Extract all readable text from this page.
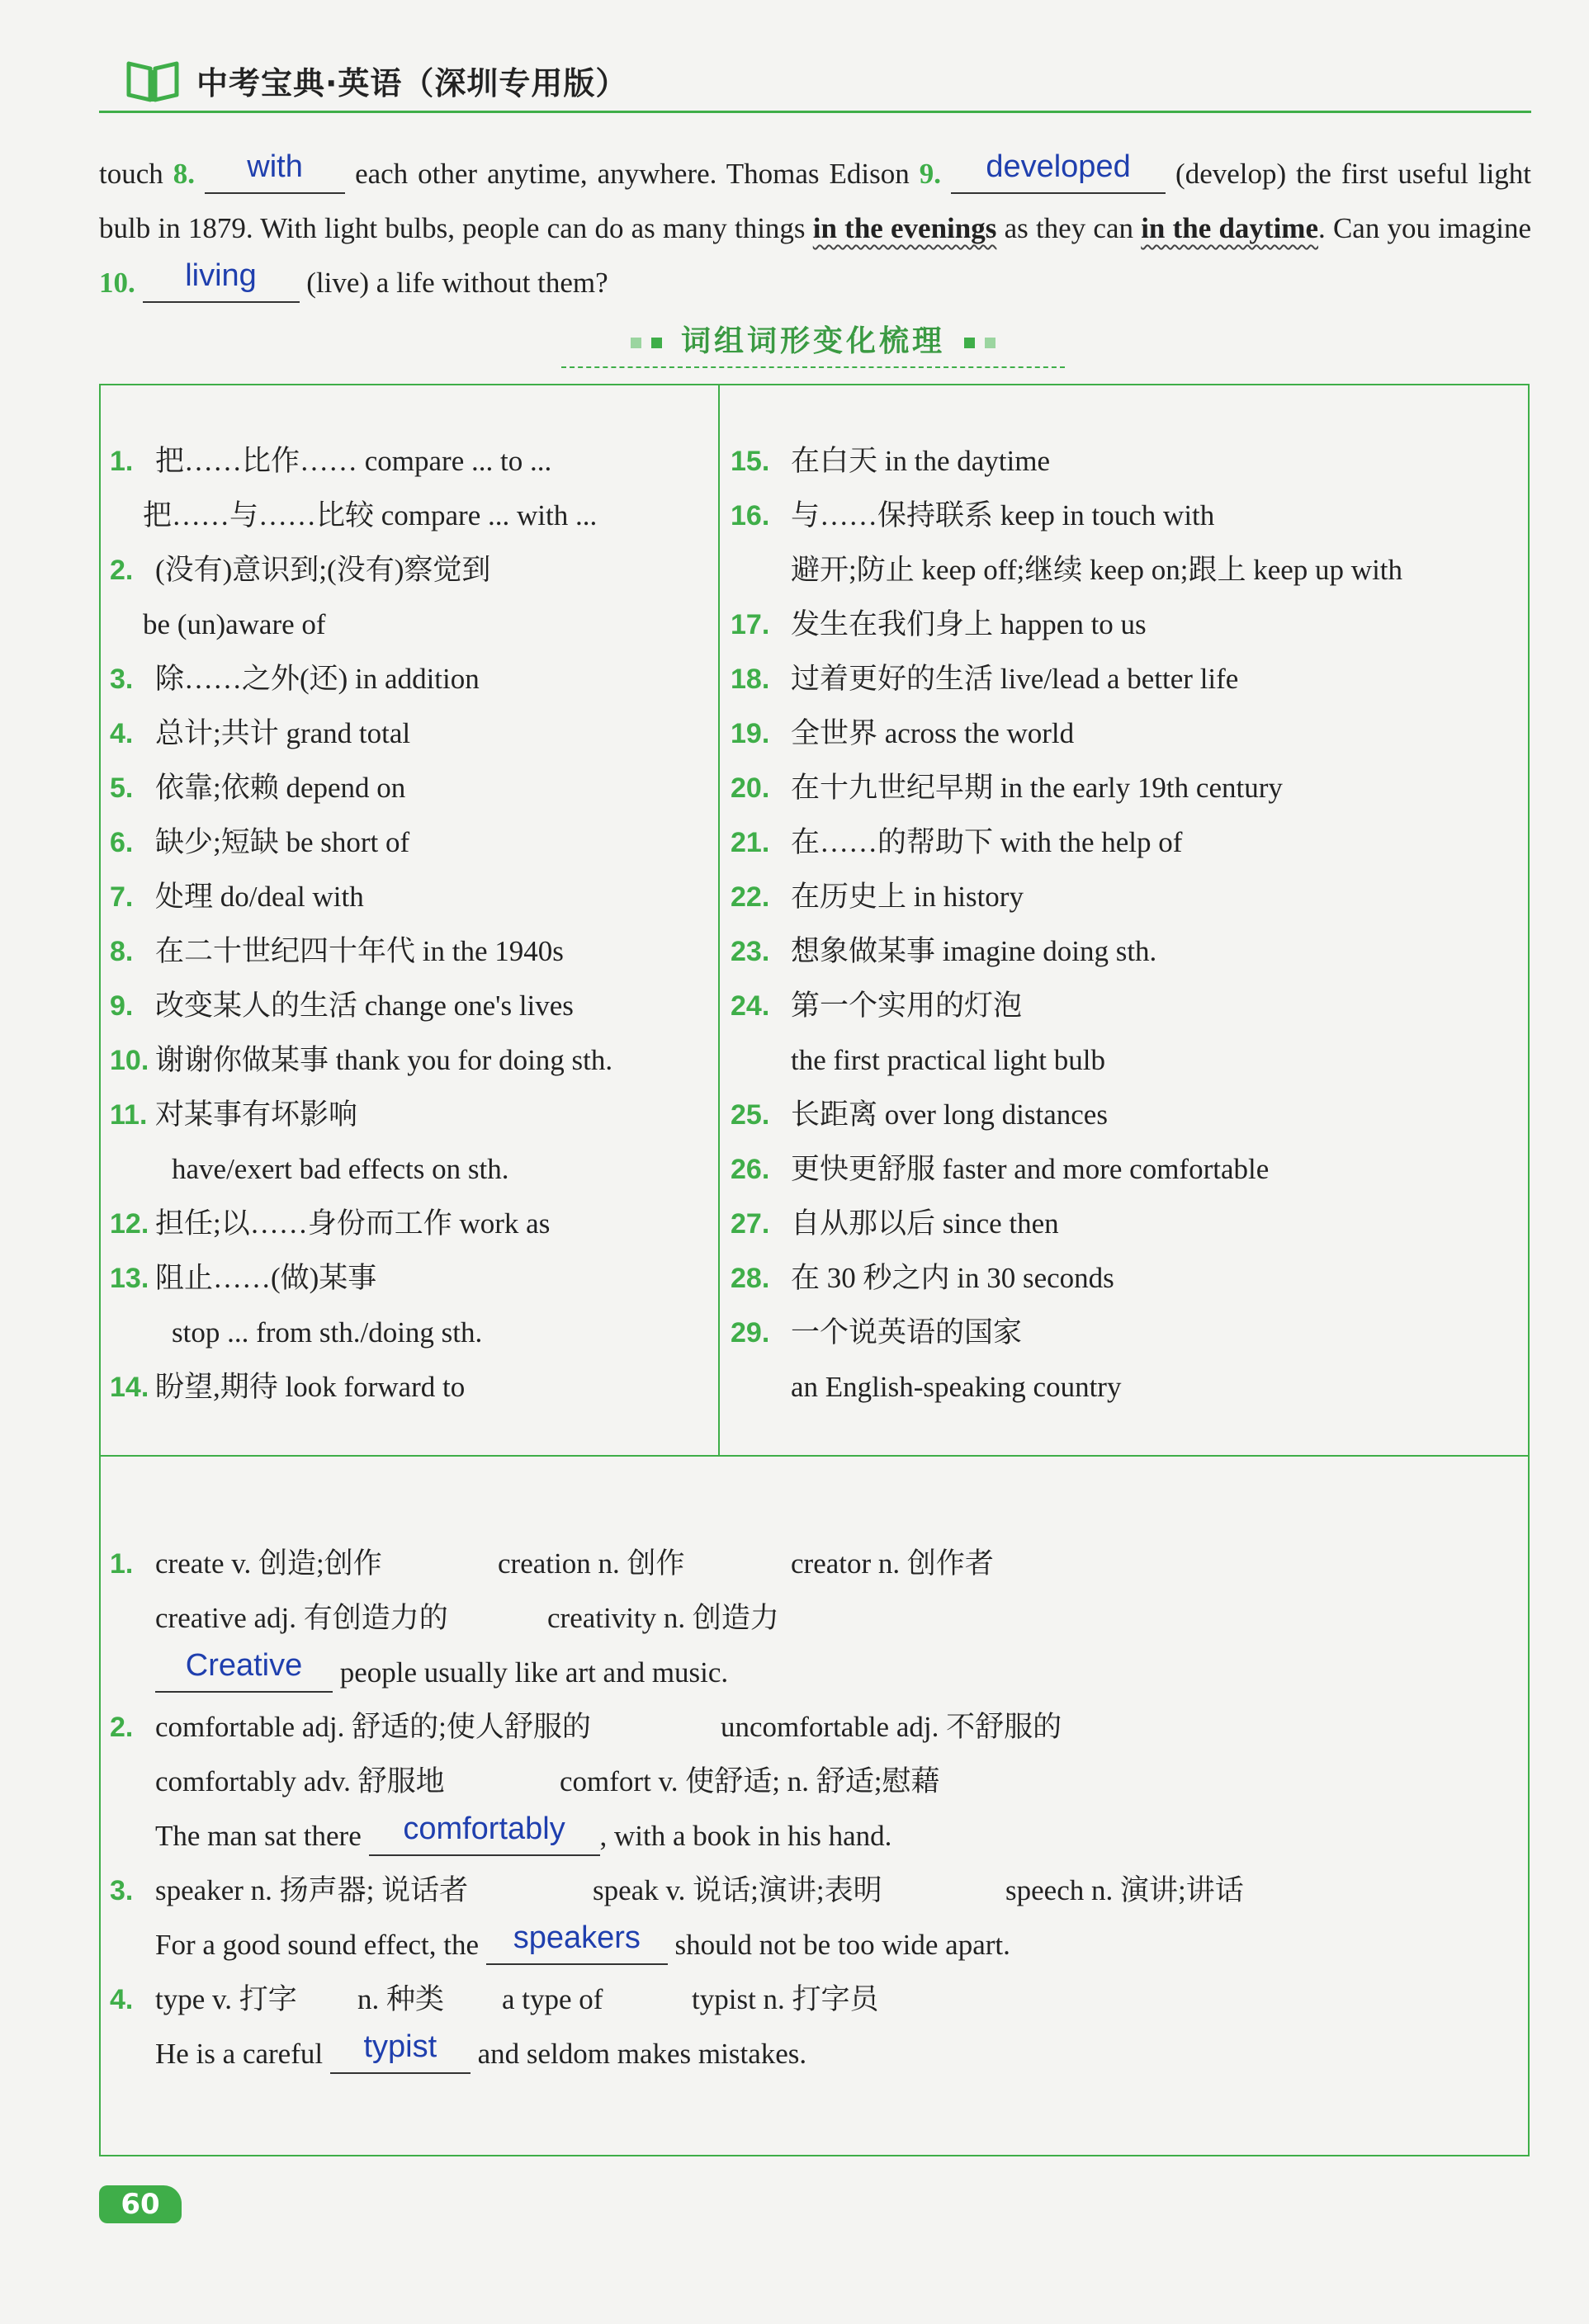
中考宝典·英语（深圳专用版）
touch 8. with each other anytime, anywhere. Thomas Edison 9. developed (develop) the first useful light bulb in 1879. With light bulbs, people can do as many things in the evenings as they can in the daytime. Can you imagine 10. living (live) a life without them?
词组词形变化梳理
1. 把……比作…… compare ... to ...
把……与……比较 compare ... with ...
2. (没有)意识到;(没有)察觉到
be (un)aware of
3. 除……之外(还) in addition
4. 总计;共计 grand total
5. 依靠;依赖 depend on
6. 缺少;短缺 be short of
7. 处理 do/deal with
8. 在二十世纪四十年代 in the 1940s
9. 改变某人的生活 change one's lives
10. 谢谢你做某事 thank you for doing sth.
11. 对某事有坏影响
have/exert bad effects on sth.
12. 担任;以……身份而工作 work as
13. 阻止……(做)某事
stop ... from sth./doing sth.
14. 盼望,期待 look forward to
15. 在白天 in the daytime
16. 与……保持联系 keep in touch with
避开;防止 keep off;继续 keep on;跟上 keep up with
17. 发生在我们身上 happen to us
18. 过着更好的生活 live/lead a better life
19. 全世界 across the world
20. 在十九世纪早期 in the early 19th century
21. 在……的帮助下 with the help of
22. 在历史上 in history
23. 想象做某事 imagine doing sth.
24. 第一个实用的灯泡
the first practical light bulb
25. 长距离 over long distances
26. 更快更舒服 faster and more comfortable
27. 自从那以后 since then
28. 在 30 秒之内 in 30 seconds
29. 一个说英语的国家
an English-speaking country
1. create v. 创造;创作	creation n. 创作	creator n. 创作者
creative adj. 有创造力的	creativity n. 创造力
Creative people usually like art and music.
2. comfortable adj. 舒适的;使人舒服的	uncomfortable adj. 不舒服的
comfortably adv. 舒服地	comfort v. 使舒适; n. 舒适;慰藉
The man sat there comfortably , with a book in his hand.
3. speaker n. 扬声器; 说话者	speak v. 说话;演讲;表明	speech n. 演讲;讲话
For a good sound effect, the speakers should not be too wide apart.
4. type v. 打字 n. 种类 a type of	typist n. 打字员
He is a careful typist and seldom makes mistakes.
60
